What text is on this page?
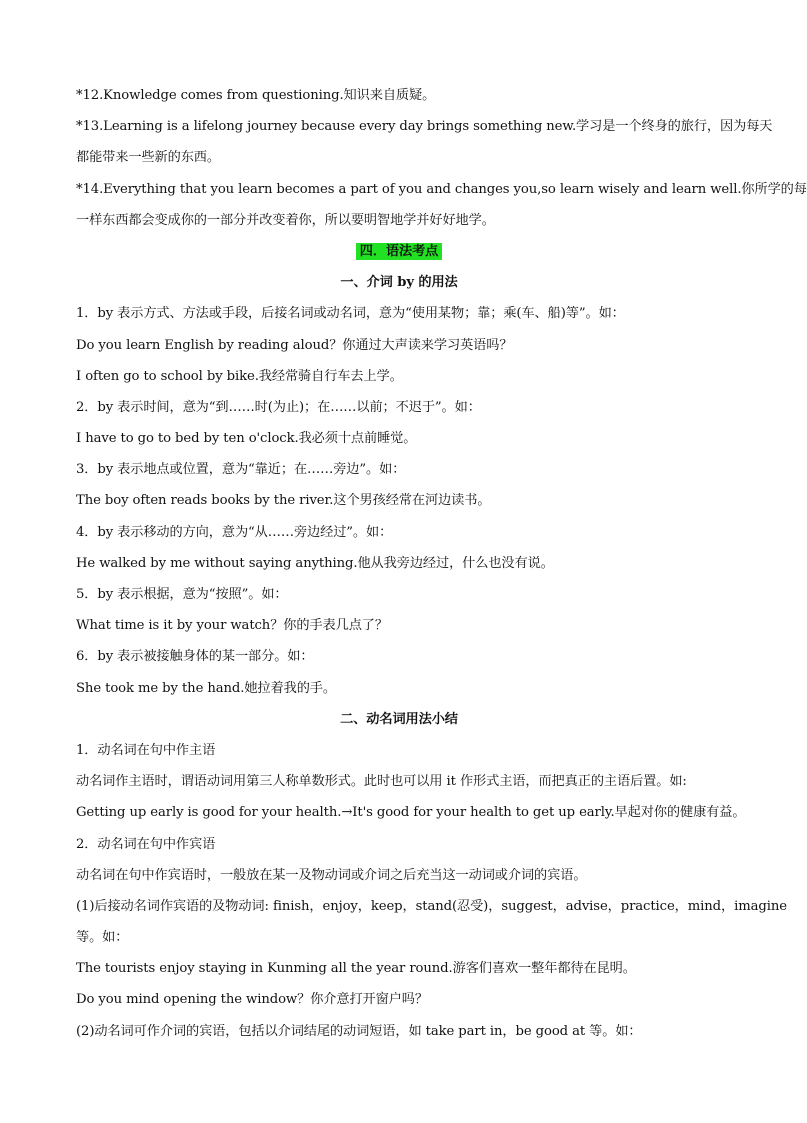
*12.Knowledge comes from questioning.知识来自质疑。
*13.Learning is a lifelong journey because every day brings something new.学习是一个终身的旅行，因为每天
都能带来一些新的东西。
*14.Everything that you learn becomes a part of you and changes you,so learn wisely and learn well.你所学的每
一样东西都会变成你的一部分并改变着你，所以要明智地学并好好地学。
四．语法考点
一、介词 by 的用法
1．by 表示方式、方法或手段，后接名词或动名词，意为“使用某物；靠；乘(车、船)等”。如：
Do you learn English by reading aloud？你通过大声读来学习英语吗？
I often go to school by bike.我经常骑自行车去上学。
2．by 表示时间，意为“到……时(为止)；在……以前；不迟于”。如：
I have to go to bed by ten o'clock.我必须十点前睡觉。
3．by 表示地点或位置，意为“靠近；在……旁边”。如：
The boy often reads books by the river.这个男孩经常在河边读书。
4．by 表示移动的方向，意为“从……旁边经过”。如：
He walked by me without saying anything.他从我旁边经过，什么也没有说。
5．by 表示根据，意为“按照”。如：
What time is it by your watch？你的手表几点了？
6．by 表示被接触身体的某一部分。如：
She took me by the hand.她拉着我的手。
二、动名词用法小结
1．动名词在句中作主语
动名词作主语时，谓语动词用第三人称单数形式。此时也可以用 it 作形式主语，而把真正的主语后置。如:
Getting up early is good for your health.→It's good for your health to get up early.早起对你的健康有益。
2．动名词在句中作宾语
动名词在句中作宾语时，一般放在某一及物动词或介词之后充当这一动词或介词的宾语。
(1)后接动名词作宾语的及物动词: finish，enjoy，keep，stand(忍受)，suggest，advise，practice，mind，imagine
等。如：
The tourists enjoy staying in Kunming all the year round.游客们喜欢一整年都待在昆明。
Do you mind opening the window？你介意打开窗户吗？
(2)动名词可作介词的宾语，包括以介词结尾的动词短语，如 take part in，be good at 等。如：
